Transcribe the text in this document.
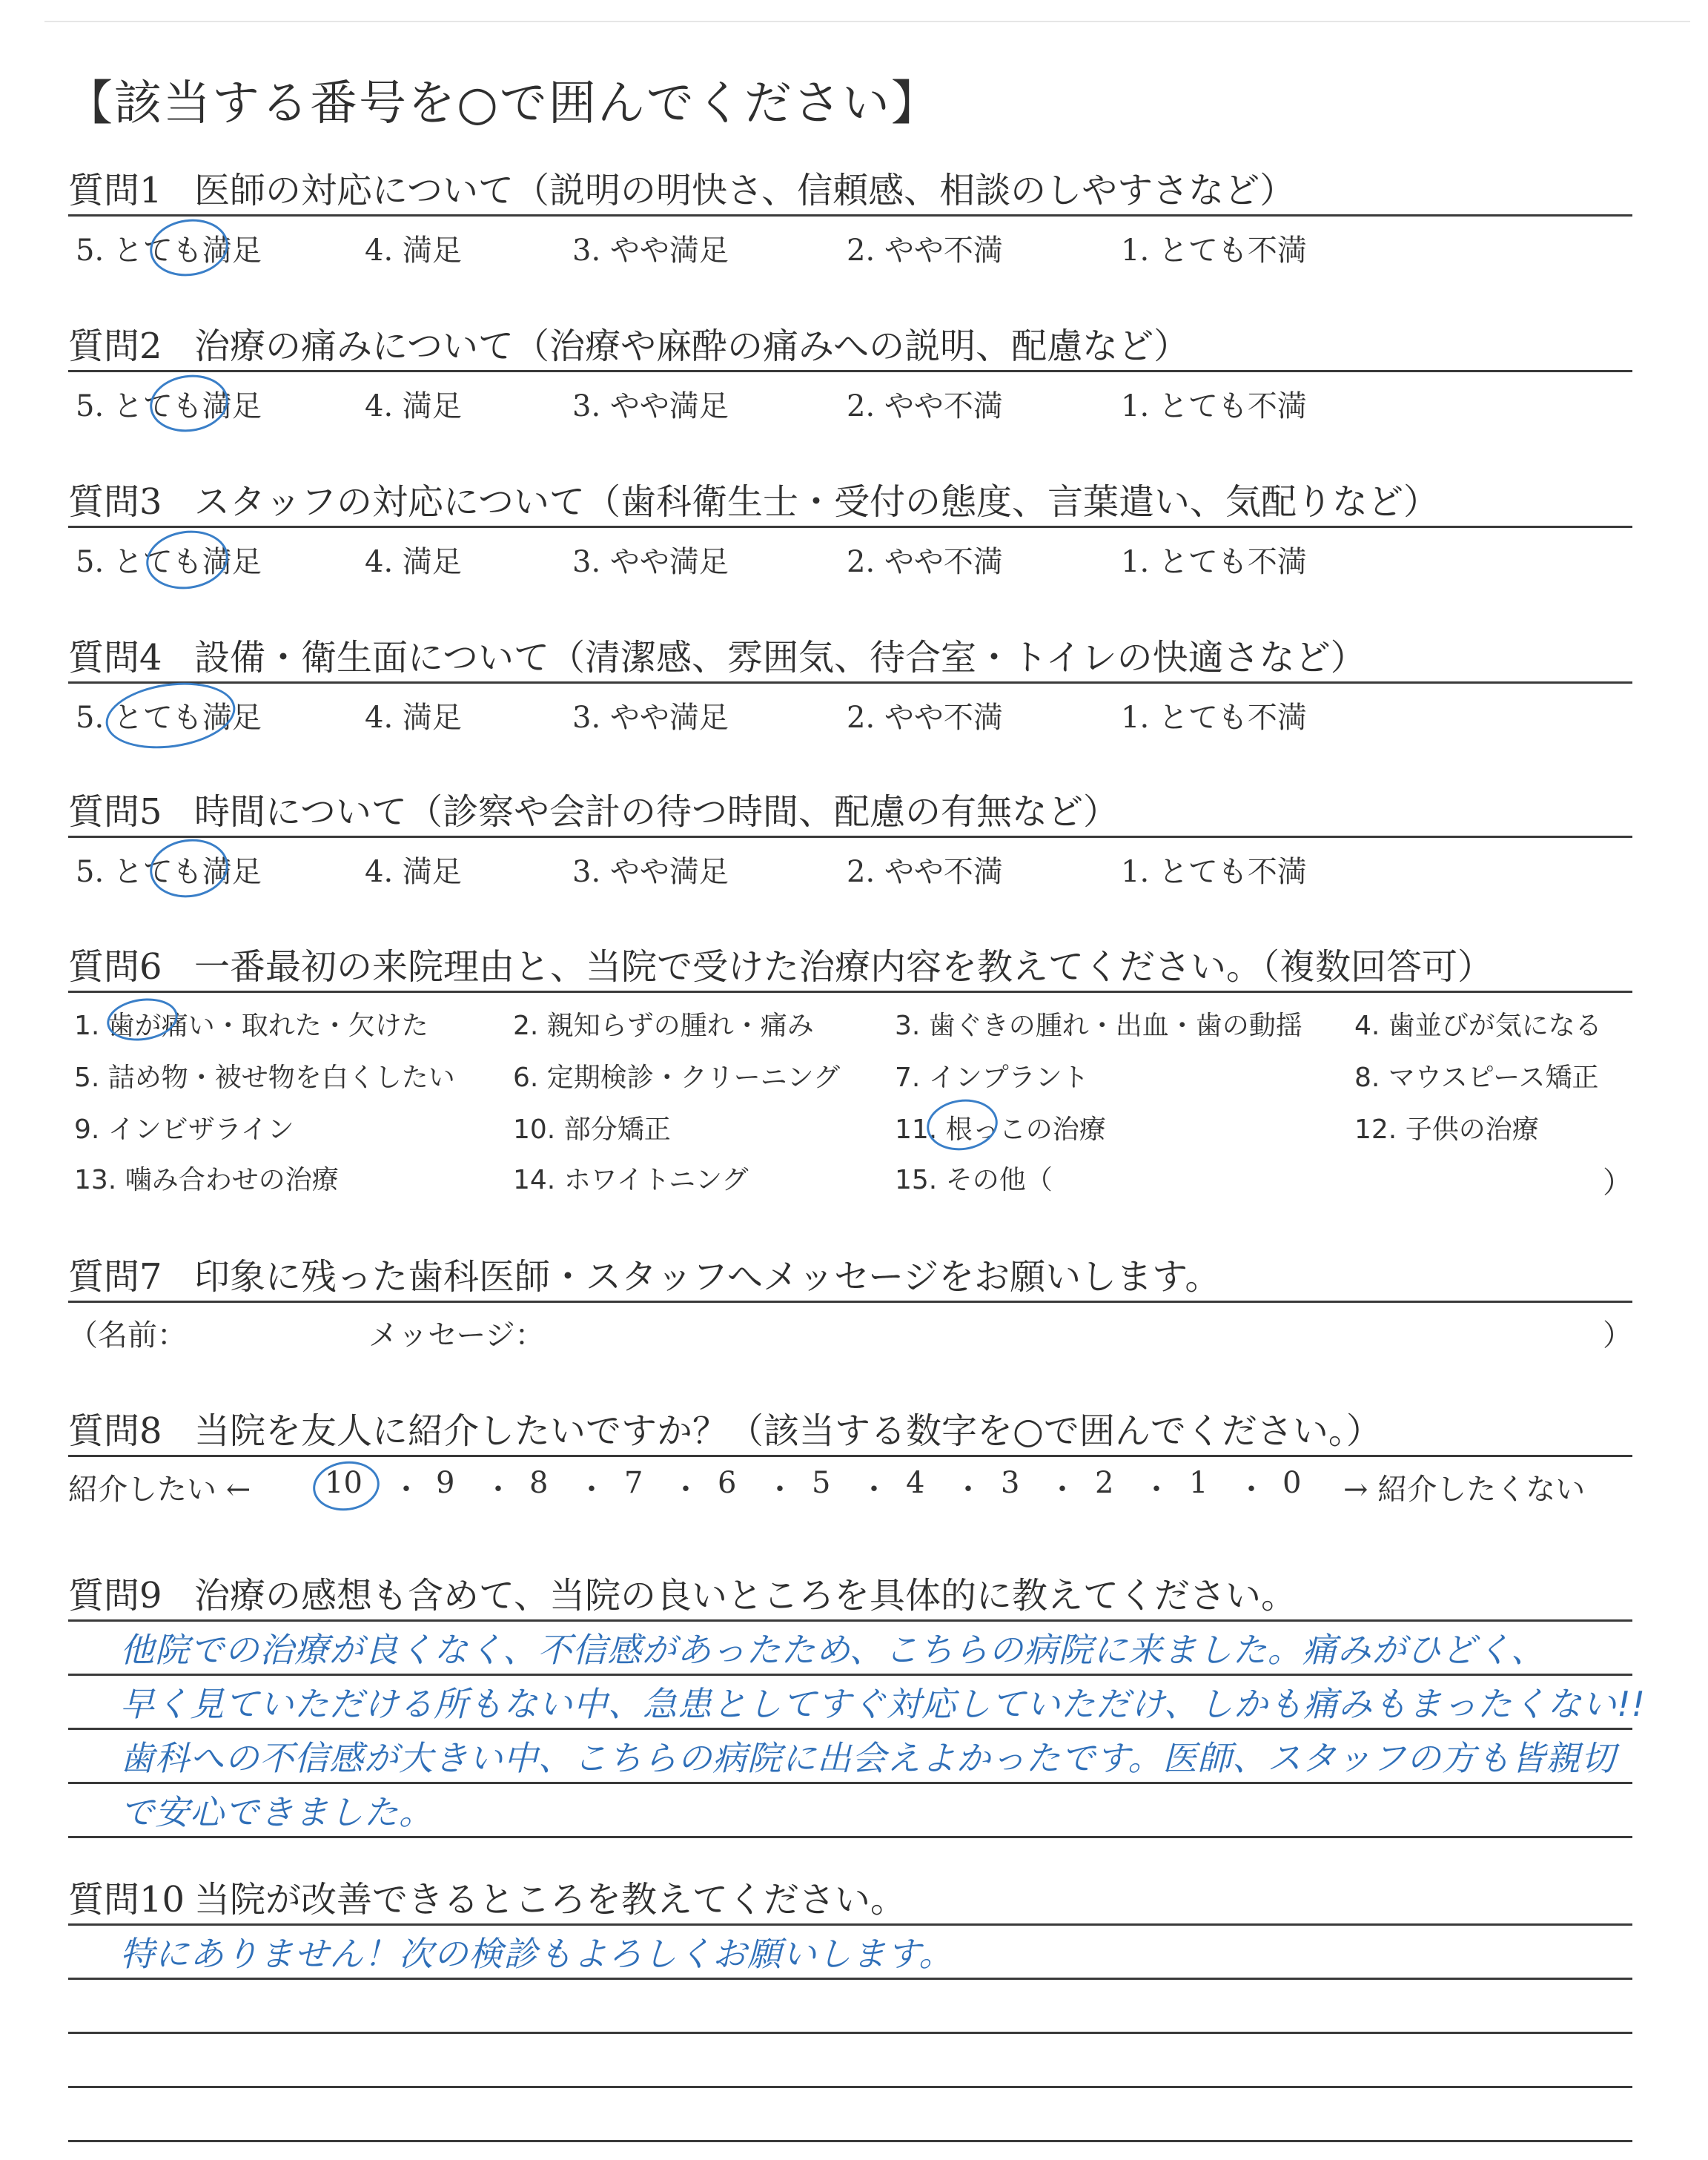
【該当する番号を○で囲んでください】
質問1 医師の対応について（説明の明快さ、信頼感、相談のしやすさなど）
5. とても満足	4. 満足	3. やや満足	2. やや不満	1. とても不満
質問2 治療の痛みについて（治療や麻酔の痛みへの説明、配慮など）
5. とても満足	4. 満足	3. やや満足	2. やや不満	1. とても不満
質問3 スタッフの対応について（歯科衛生士・受付の態度、言葉遣い、気配りなど）
5. とても満足	4. 満足	3. やや満足	2. やや不満	1. とても不満
質問4 設備・衛生面について（清潔感、雰囲気、待合室・トイレの快適さなど）
5. とても満足	4. 満足	3. やや満足	2. やや不満	1. とても不満
質問5 時間について（診察や会計の待つ時間、配慮の有無など）
5. とても満足	4. 満足	3. やや満足	2. やや不満	1. とても不満
質問6 一番最初の来院理由と、当院で受けた治療内容を教えてください。（複数回答可）
1. 歯が痛い・取れた・欠けた	2. 親知らずの腫れ・痛み	3. 歯ぐきの腫れ・出血・歯の動揺 4. 歯並びが気になる
5. 詰め物・被せ物を白くしたい 6. 定期検診・クリーニング 7. インプラント	8. マウスピース矯正
9. インビザライン	10. 部分矯正	11. 根っこの治療	12. 子供の治療
13. 噛み合わせの治療	14. ホワイトニング	15. その他（	）
質問7 印象に残った歯科医師・スタッフへメッセージをお願いします。
（名前：	メッセージ：	）
質問8 当院を友人に紹介したいですか？（該当する数字を○で囲んでください。）
紹介したい ← 10 ・ 9 ・ 8 ・ 7 ・ 6 ・ 5 ・ 4 ・ 3 ・ 2 ・ 1 ・ 0 → 紹介したくない
質問9 治療の感想も含めて、当院の良いところを具体的に教えてください。
他院での治療が良くなく、不信感があったため、こちらの病院に来ました。痛みがひどく、
早く見ていただける所もない中、急患としてすぐ対応していただけ、しかも痛みもまったくない!!
歯科への不信感が大きい中、こちらの病院に出会えよかったです。医師、スタッフの方も皆親切
で安心できました。
質問10 当院が改善できるところを教えてください。
特にありません！次の検診もよろしくお願いします。
